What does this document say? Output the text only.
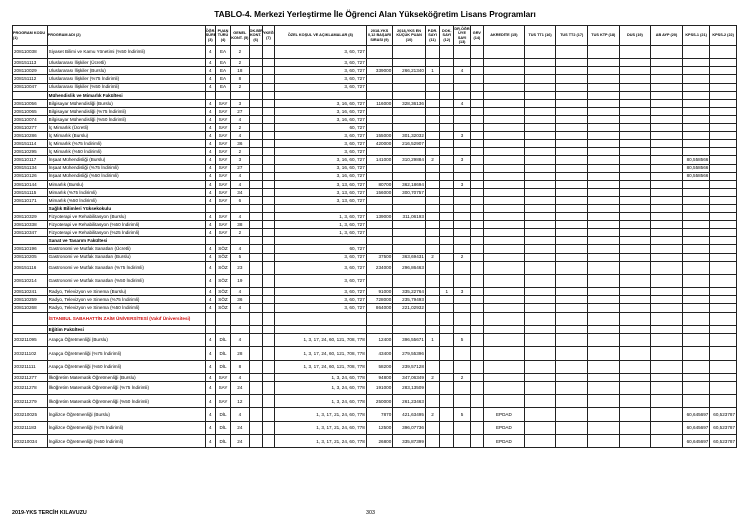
TABLO-4. Merkezi Yerleştirme İle Öğrenci Alan Yükseköğretim Lisans Programları
PROGRAM KODU (1)	PROGRAM ADI (2)	ÖĞR. SÜRE (3)	PUAN TÜRÜ (4)	GENEL KONT. (5)	OK.BİR. KONT. (6)	YKEĞ (7)	ÖZEL KOŞUL VE AÇIKLAMALAR (8)	2018-YKS 0,12 BAŞARI SIRASI (9)	2018-YKS EN KÜÇÜK PUAN (10)	P.DR. SAYI (11)	DOK. SAYI (12)	DR.ÖĞR. ÜYE SAYI (13)	GRV (14)	AKREDİTE (15)	TUS TT1 (16)	TUS TT2 (17)	TUS KTP (18)	DUS (19)	AB AYP (20)	KPSS-1 (21)	KPSS-2 (22)
208110038	Siyaset Bilimi ve Kamu Yönetimi (%50 İndirimli)	4	EA	2			3, 60, 727														
208151113	Uluslararası İlişkiler (Ücretli)	4	EA	2			3, 60, 727														
208110029	Uluslararası İlişkiler (Burslu)	4	EA	18			3, 60, 727	339000	266,21340	1		4									
208151112	Uluslararası İlişkiler (%75 İndirimli)	4	EA	8			3, 60, 727														
208110047	Uluslararası İlişkiler (%50 İndirimli)	4	EA	2			3, 60, 727														
	Mühendislik ve Mimarlık Fakültesi																				
208110056	Bilgisayar Mühendisliği (Burslu)	4	SAY	3			3, 16, 60, 727	116000	328,36136			4									
208110065	Bilgisayar Mühendisliği (%75 İndirimli)	4	SAY	27			3, 16, 60, 727														
208110074	Bilgisayar Mühendisliği (%50 İndirimli)	4	SAY	4			3, 16, 60, 727														
208110277	İç Mimarlık (Ücretli)	4	SAY	2			60, 727														
208110286	İç Mimarlık (Burslu)	4	SAY	4			3, 60, 727	155000	301,32032			3									
208151114	İç Mimarlık (%75 İndirimli)	4	SAY	36			3, 60, 727	420000	216,52907												
208110295	İç Mimarlık (%50 İndirimli)	4	SAY	2			3, 60, 727														
208110117	İnşaat Mühendisliği (Burslu)	4	SAY	3			3, 16, 60, 727	141000	310,29884	2		3								80,558566	
208151134	İnşaat Mühendisliği (%75 İndirimli)	4	SAY	27			3, 16, 60, 727													80,558566	
208110126	İnşaat Mühendisliği (%50 İndirimli)	4	SAY	4			3, 16, 60, 727													80,558566	
208110144	Mimarlık (Burslu)	4	SAY	4			3, 13, 60, 727	80700	362,18694			3									
208151115	Mimarlık (%75 İndirimli)	4	SAY	34			3, 13, 60, 727	156000	300,70757												
208110171	Mimarlık (%50 İndirimli)	4	SAY	6			3, 13, 60, 727														
	Sağlık Bilimleri Yüksekokulu																				
208110329	Fizyoterapi ve Rehabilitasyon (Burslu)	4	SAY	4			1, 3, 60, 727	139000	311,06193												
208110338	Fizyoterapi ve Rehabilitasyon (%50 İndirimli)	4	SAY	38			1, 3, 60, 727														
208110347	Fizyoterapi ve Rehabilitasyon (%25 İndirimli)	4	SAY	2			1, 3, 60, 727														
	Sanat ve Tasarım Fakültesi																				
208110196	Gastronomi ve Mutfak Sanatları (Ücretli)	4	SÖZ	4			60, 727														
208110205	Gastronomi ve Mutfak Sanatları (Burslu)	4	SÖZ	5			3, 60, 727	37500	363,69431	2		2									
208151116	Gastronomi ve Mutfak Sanatları (%75 İndirimli)	4	SÖZ	23			3, 60, 727	234000	296,86463												
208110214	Gastronomi ve Mutfak Sanatları (%50 İndirimli)	4	SÖZ	19			3, 60, 727														
208110241	Radyo, Televizyon ve Sinema (Burslu)	4	SÖZ	4			3, 60, 727	91000	335,22764		1	3									
208110259	Radyo, Televizyon ve Sinema (%75 İndirimli)	4	SÖZ	36			3, 60, 727	728000	235,79493												
208110268	Radyo, Televizyon ve Sinema (%50 İndirimli)	4	SÖZ	4			3, 60, 727	864000	221,02932												
	İSTANBUL SABAHATTİN ZAİM ÜNİVERSİTESİ (Vakıf Üniversitesi)																				
	Eğitim Fakültesi																				
203211095	Arapça Öğretmenliği (Burslu)	4	DİL	4			1, 3, 17, 24, 60, 121, 708, 778	12400	396,55671	1		5									
203211102	Arapça Öğretmenliği (%75 İndirimli)	4	DİL	28			1, 3, 17, 24, 60, 121, 708, 778	43400	279,55396												
203211111	Arapça Öğretmenliği (%50 İndirimli)	4	DİL	8			1, 3, 17, 24, 60, 121, 708, 778	58200	239,57128												
203211277	İlköğretim Matematik Öğretmenliği (Burslu)	4	SAY	4			1, 3, 24, 60, 778	94800	347,06349	2		2									
203211278	İlköğretim Matematik Öğretmenliği (%75 İndirimli)	4	SAY	24			1, 3, 24, 60, 778	191000	283,13509												
203211279	İlköğretim Matematik Öğretmenliği (%50 İndirimli)	4	SAY	12			1, 3, 24, 60, 778	250000	261,23463												
203210025	İngilizce Öğretmenliği (Burslu)	4	DİL	4			1, 3, 17, 21, 24, 60, 778	7870	421,63495	2		5		EPDAD						60,645697	60,523787
203211183	İngilizce Öğretmenliği (%75 İndirimli)	4	DİL	24			1, 3, 17, 21, 24, 60, 778	12500	396,07736					EPDAD						60,645697	60,523787
203210034	İngilizce Öğretmenliği (%50 İndirimli)	4	DİL	24			1, 3, 17, 21, 24, 60, 778	26800	335,87399					EPDAD						60,645697	60,523787
2019-YKS TERCİH KILAVUZU	303
